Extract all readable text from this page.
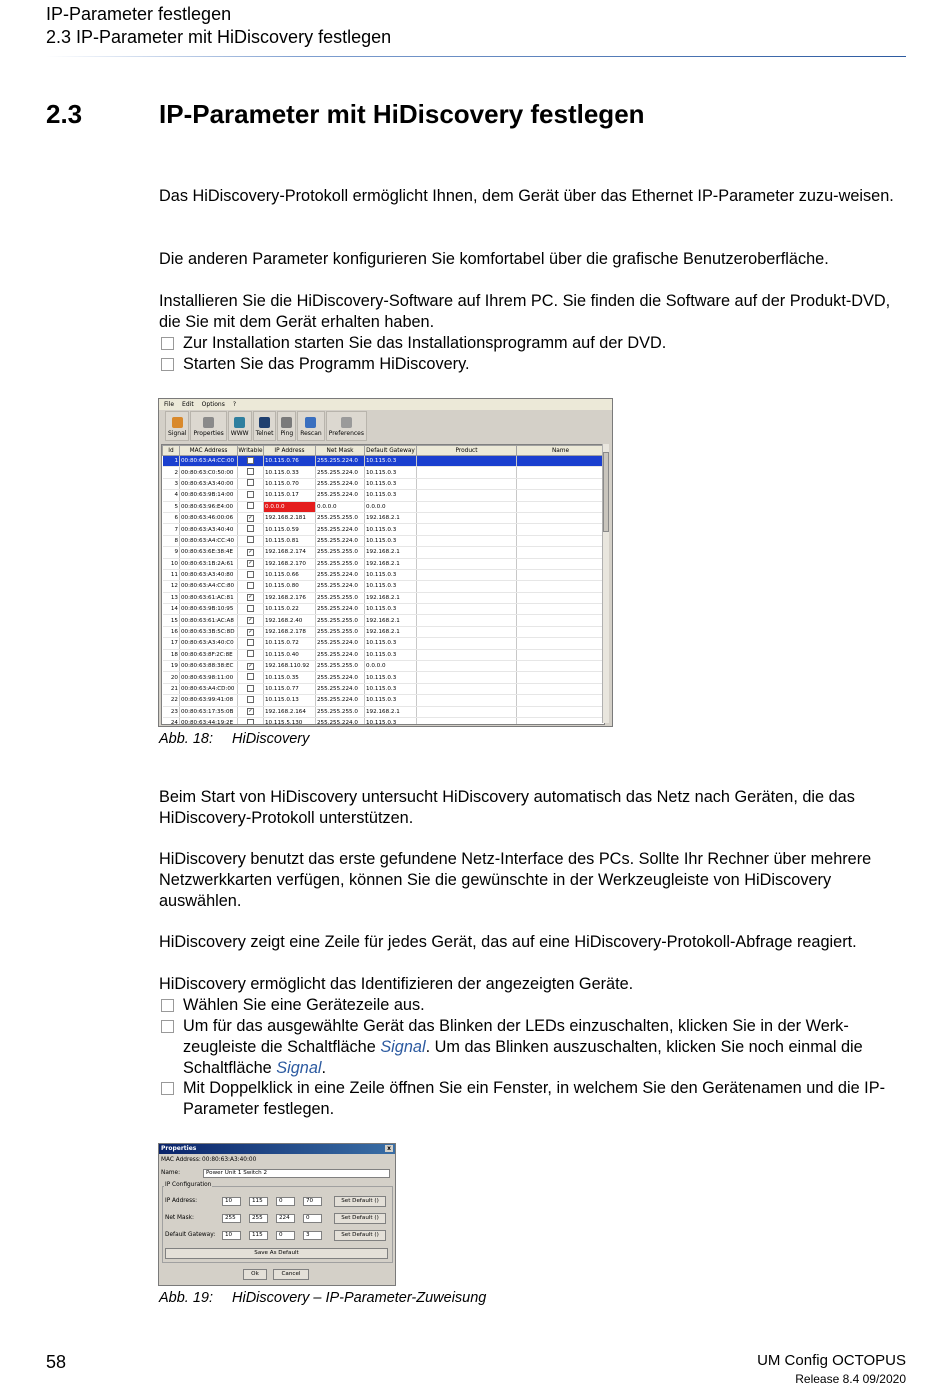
IP-Parameter festlegen
2.3 IP-Parameter mit HiDiscovery festlegen
2.3	IP-Parameter mit HiDiscovery festlegen
Das HiDiscovery-Protokoll ermöglicht Ihnen, dem Gerät über das Ethernet IP-Parameter zuzu-weisen.
Die anderen Parameter konfigurieren Sie komfortabel über die grafische Benutzeroberfläche.
Installieren Sie die HiDiscovery-Software auf Ihrem PC. Sie finden die Software auf der Produkt-DVD, die Sie mit dem Gerät erhalten haben.
Zur Installation starten Sie das Installationsprogramm auf der DVD.
Starten Sie das Programm HiDiscovery.
File Edit Options ?
Signal Properties WWW Telnet Ping Rescan Preferences
Id	MAC Address	Writable	IP Address	Net Mask	Default Gateway	Product	Name
1	00:80:63:A4:CC:00		10.115.0.76	255.255.224.0	10.115.0.3		
2	00:80:63:C0:50:00		10.115.0.33	255.255.224.0	10.115.0.3		
3	00:80:63:A3:40:00		10.115.0.70	255.255.224.0	10.115.0.3		
4	00:80:63:9B:14:00		10.115.0.17	255.255.224.0	10.115.0.3		
5	00:80:63:96:E4:00		0.0.0.0	0.0.0.0	0.0.0.0		
6	00:80:63:46:00:06	✓	192.168.2.181	255.255.255.0	192.168.2.1		
7	00:80:63:A3:40:40		10.115.0.59	255.255.224.0	10.115.0.3		
8	00:80:63:A4:CC:40		10.115.0.81	255.255.224.0	10.115.0.3		
9	00:80:63:6E:38:4E	✓	192.168.2.174	255.255.255.0	192.168.2.1		
10	00:80:63:1B:2A:61	✓	192.168.2.170	255.255.255.0	192.168.2.1		
11	00:80:63:A3:40:80		10.115.0.66	255.255.224.0	10.115.0.3		
12	00:80:63:A4:CC:80		10.115.0.80	255.255.224.0	10.115.0.3		
13	00:80:63:61:AC:81	✓	192.168.2.176	255.255.255.0	192.168.2.1		
14	00:80:63:9B:10:95		10.115.0.22	255.255.224.0	10.115.0.3		
15	00:80:63:61:AC:A8	✓	192.168.2.40	255.255.255.0	192.168.2.1		
16	00:80:63:3B:5C:8D	✓	192.168.2.178	255.255.255.0	192.168.2.1		
17	00:80:63:A3:40:C0		10.115.0.72	255.255.224.0	10.115.0.3		
18	00:80:63:8F:2C:8E		10.115.0.40	255.255.224.0	10.115.0.3		
19	00:80:63:88:38:EC	✓	192.168.110.92	255.255.255.0	0.0.0.0		
20	00:80:63:98:11:00		10.115.0.35	255.255.224.0	10.115.0.3		
21	00:80:63:A4:CD:00		10.115.0.77	255.255.224.0	10.115.0.3		
22	00:80:63:99:41:08		10.115.0.13	255.255.224.0	10.115.0.3		
23	00:80:63:17:35:0B	✓	192.168.2.164	255.255.255.0	192.168.2.1		
24	00:80:63:44:19:2E		10.115.5.130	255.255.224.0	10.115.0.3		
Abb. 18: HiDiscovery
Beim Start von HiDiscovery untersucht HiDiscovery automatisch das Netz nach Geräten, die das HiDiscovery-Protokoll unterstützen.
HiDiscovery benutzt das erste gefundene Netz-Interface des PCs. Sollte Ihr Rechner über mehrere Netzwerkkarten verfügen, können Sie die gewünschte in der Werkzeugleiste von HiDiscovery auswählen.
HiDiscovery zeigt eine Zeile für jedes Gerät, das auf eine HiDiscovery-Protokoll-Abfrage reagiert.
HiDiscovery ermöglicht das Identifizieren der angezeigten Geräte.
Wählen Sie eine Gerätezeile aus.
Um für das ausgewählte Gerät das Blinken der LEDs einzuschalten, klicken Sie in der Werk-zeugleiste die Schaltfläche Signal. Um das Blinken auszuschalten, klicken Sie noch einmal die Schaltfläche Signal.
Mit Doppelklick in eine Zeile öffnen Sie ein Fenster, in welchem Sie den Gerätenamen und die IP-Parameter festlegen.
Properties	x
MAC Address: 00:80:63:A3:40:00
Name:	Power Unit 1 Switch 2
IP Configuration
IP Address:	10	115	0	70	Set Default ()
Net Mask:	255	255	224	0	Set Default ()
Default Gateway:	10	115	0	3	Set Default ()
Save As Default
Ok	Cancel
Abb. 19: HiDiscovery – IP-Parameter-Zuweisung
58	UM Config OCTOPUS
Release 8.4 09/2020
